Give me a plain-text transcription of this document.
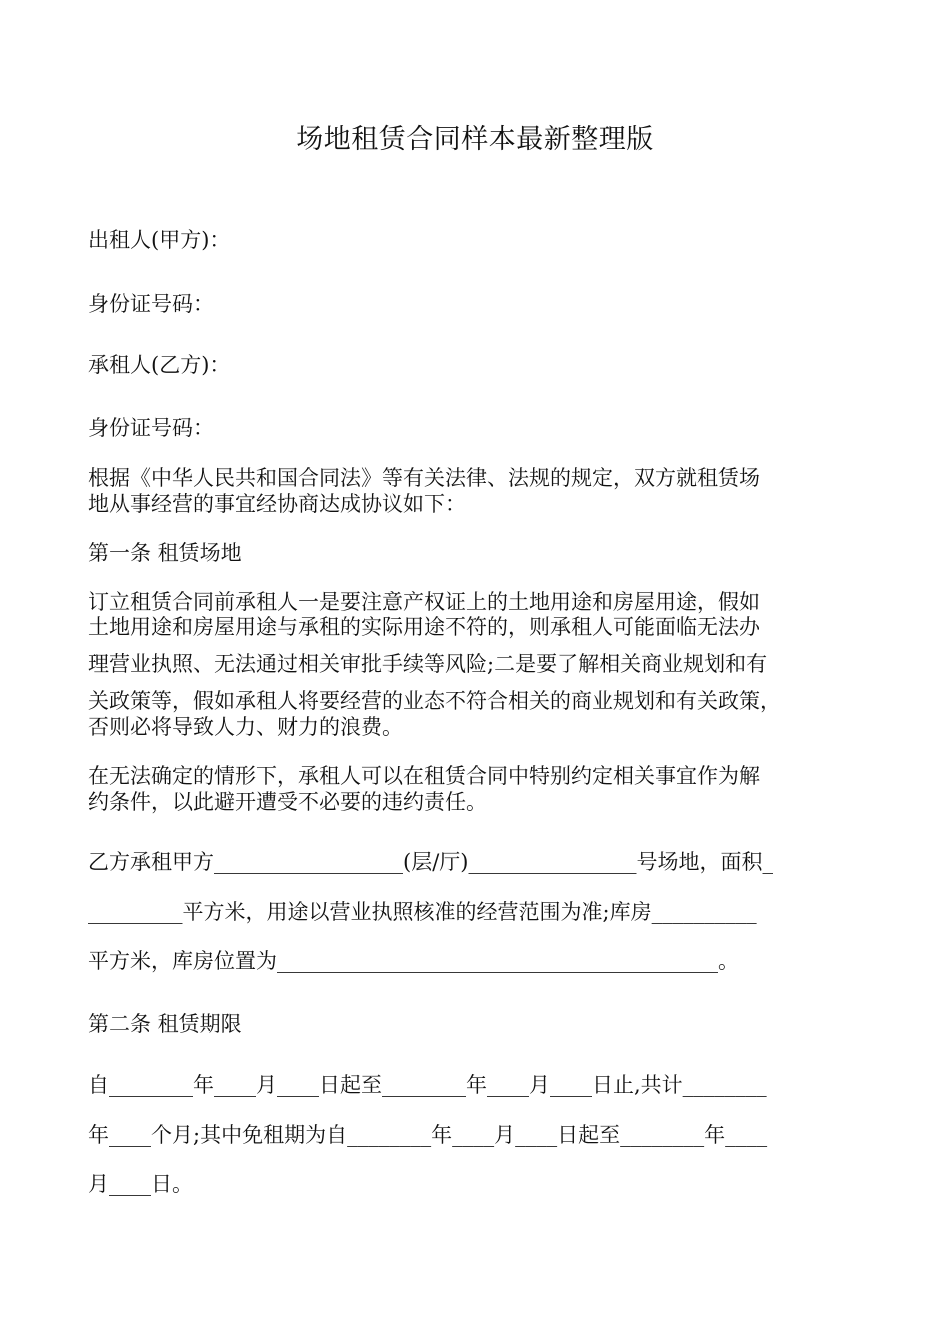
场地租赁合同样本最新整理版
出租人(甲方)：
身份证号码：
承租人(乙方)：
身份证号码：
根据《中华人民共和国合同法》等有关法律、法规的规定，双方就租赁场
地从事经营的事宜经协商达成协议如下：
第一条 租赁场地
订立租赁合同前承租人一是要注意产权证上的土地用途和房屋用途，假如
土地用途和房屋用途与承租的实际用途不符的，则承租人可能面临无法办
理营业执照、无法通过相关审批手续等风险;二是要了解相关商业规划和有
关政策等，假如承租人将要经营的业态不符合相关的商业规划和有关政策，
否则必将导致人力、财力的浪费。
在无法确定的情形下，承租人可以在租赁合同中特别约定相关事宜作为解
约条件，以此避开遭受不必要的违约责任。
乙方承租甲方__________________(层/厅)________________号场地，面积_
_________平方米，用途以营业执照核准的经营范围为准;库房__________
平方米，库房位置为__________________________________________。
第二条 租赁期限
自________年____月____日起至________年____月____日止,共计________
年____个月;其中免租期为自________年____月____日起至________年____
月____日。
